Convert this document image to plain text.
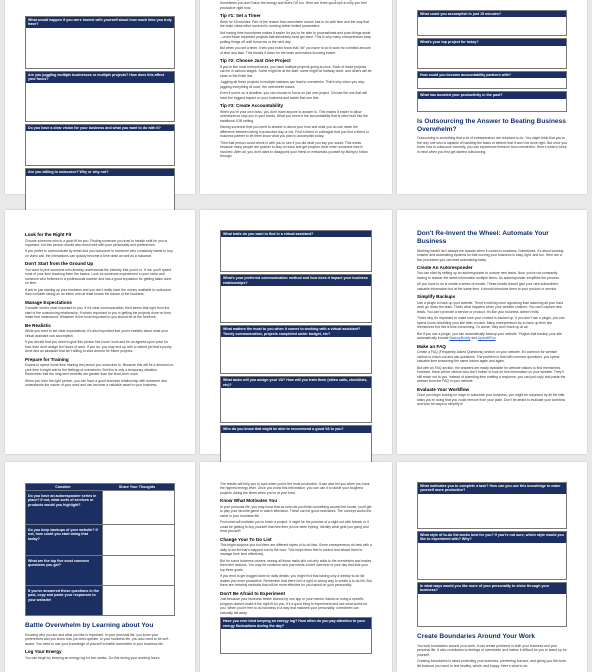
What would happen if you were honest with yourself about how much time you truly have?
Are you juggling multiple businesses or multiple projects? How does this affect your focus?
Do you have a clear vision for your business and what you want to do with it?
Are you willing to outsource? Why or why not?
Sometimes you don't have the energy and that's OK too. Here are three quick tips to help you feel productive right now.
Tip #1: Set a Timer
Work for 15 minutes. Part of the reason that overwhelm occurs has to do with time and the way that the brain views effort involved in working within limited parameters.
Not having time boundaries makes it easier for you to be able to procrastinate and push things aside—even those important projects that absolutely must get done. This is why many entrepreneurs keep putting things off until tomorrow or the next day.
But when you set a timer, it lets your brain know that "all" you have to do is work for a limited amount of time and task. This breaks it down for the brain and makes focusing easier.
Tip #2: Choose Just One Project
If you're like most entrepreneurs, you have multiple projects going at once. Each of these projects can be in various stages. Some might be at the start, some might be halfway done, and others will be close to the finish line.
Juggling all these projects in multiple statuses can lead to overwhelm. That's why when you stop juggling everything at once, the overwhelm eases.
Even if you're on a deadline, you can choose to focus on just one project. Choose the one that will have the biggest impact on your business and tackle that one first.
Tip #3: Create Accountability
When you're your own boss, you don't have anyone to answer to. This makes it easier to allow overwhelm to stop you in your tracks. What you need is the accountability that is often built into the traditional JOB setting.
Having someone that you need to answer to about your time and what you do can mean the difference between being a productive day or not. Find a friend or colleague that you find a friend or business partner to let them know what you plan to accomplish today.
Then that person could check in with you to see if you did what you say you would. This works because many people are quicker to stay on track and get projects done when someone else is involved. After all, you don't want to disappoint your friend or embarrass yourself by failing to follow through.
What could you accomplish in just 15 minutes?
What's your top project for today?
How could you become accountability partners with?
What has boosted your productivity in the past?
Is Outsourcing the Answer to Beating Business Overwhelm?
Outsourcing is something that a lot of entrepreneurs are reluctant to do. You might think that you're the only one who is capable of handling the tasks or believe that it won't be done right. But once you know how to outsource correctly, you can experience freedom from overwhelm. Here's what to keep in mind when you first get started outsourcing.
Look for the Right Fit
Choose someone who is a good fit for you. Finding someone you trust to handle stuff for you is important, but this person should also mesh well with your personality and preferences.
If you prefer to communicate by email and you outsource to someone who constantly wants to hop on video call, the interactions can quickly become a time drain as well as a nuisance.
Don't Start from the Ground Up
You want to pick someone who already understands the industry that you're in. If not, you'll spend most of your time teaching them the basics. Look for someone experienced in your niche and someone who believes in a professional manner and has a good reputation for getting tasks done on time.
If you're just starting up your business and you don't really have the money available to outsource, then consider taking on an intern who at least knows the basics of the business.
Manage Expectations
Consider what's most important to you. If it's clear communication, then stress that right from the start of the outsourcing relationship. If what's important to you is getting the projects done on time, make that understood. Whatever is the most important to you should be at the forefront.
Be Realistic
While you want to set clear expectations, it's also important that you're realistic about what your virtual assistant can accomplish.
If you decide that you need to give this person five hours' work and be an agreed-upon price for that, then don't assign ten hours of work. If you do, you may end up with a rushed job that's poorly done and an assistant that isn't willing to stick around for future projects.
Prepare for Training
Expect to spend some time training the person you outsource to. Because this will be a demand on your time it might add to the feelings of overwhelm. But this is only a temporary situation. Remember that the long-term benefits are greater than the short-term ones.
When you train the right person, you can have a good business relationship with someone who understands the nature of your work and can become a valuable asset to your business.
What traits do you want to find in a virtual assistant?
What's your preferred communication method and how does it impact your business relationships?
What matters the most to you when it comes to working with a virtual assistant? Timely communication, projects completed under budget, etc?
What tasks will you assign your VA? How will you train them (video calls, checklists, etc)?
Who do you know that might be able to recommend a good VA to you?
Don't Re-Invent the Wheel: Automate Your Business
Working harder isn't always the answer when it comes to business. Sometimes, it's about working smarter and automating systems so that running your business is easy, light, and fun. Here are a few processes you can start automating today.
Create An Autoresponder
You can start by setting up an autoresponder to nurture new leads. Now, you're not constantly having to answer the same information multiple times. An autoresponder simplifies the process.
All you have to do is create a series of emails. These emails should give your new subscribers valuable information but at the same time, it should introduce them to your product or service.
Simplify Backups
Use a plugin to back up your website. There's nothing more agonizing than watching all your hard work go down the drain. That's what happens when your website crashes. You can't capture new leads. You can't promote a service or product. It's like your business doesn't exist.
That's why it's important to make sure your content is backed up. If you don't use a plugin, you can spend hours rebuilding your site after a crash. Many entrepreneurs try to back up their site themselves but this is time-consuming. Or worse, they don't back up at all.
But if you use a plugin, you can automatically backup your website. Plugins that backup your site automatically include BackupBuddy and UpdraftPlus
Make an FAQ
Create a FAQ (Frequently Asked Questions) section on your website. It's common for website visitors to reach out and ask questions. The problem is that with common questions, you spend valuable time answering the same issues again and again.
But with an FAQ section, the answers are easily available for website visitors to find themselves. However, there will be visitors who don't bother to look for this information on your website. They'll still reach out to you. Instead of spending time crafting a response, you can just copy and paste the answer from the FAQ in your website.
Evaluate Your Workflow
Once you begin looking for ways to automate your business, you might be surprised by all the little tasks you're doing that you could remove from your plate. Don't be afraid to evaluate your workflow and look for ways to simplify it!
Consider	Share Your Thoughts
Do you have an autoresponder series in place? If not, what sorts of services or products would you highlight?
Do you keep backups of your website? If not, how could you start doing that today?
What are the top five most common questions you get?
If you've answered these questions in the past, copy and paste your responses to your website!
Battle Overwhelm by Learning about You
Knowing who you are and what you like is important. In your personal life, you know your preferences and you know how you best operate. In your business life, you also need to be self-aware. You need to use your knowledge of yourself to battle overwhelm in your business life.
Log Your Energy
You can begin by keeping an energy log for two weeks. Do this during your working hours.
The results will help you to spot when you're the most productive. It can also tell you when you have the highest energy level. Once you know this information, you can use it to tackle your toughest projects during the times when you're at your best.
Know What Motivates You
In your personal life, you may know that as soon as you finish something around the house, you'll get to play your favorite game or watch television. These can be good motivators. The concept works the same in your business life.
Find what will motivate you to finish a project. It might be the promise of a night out with friends or it could be getting to buy yourself that new item you've been eyeing. Identify what gets you going and treat yourself!
Change Your To Do List
This might surprise you but there are different styles of to-do lists. Some entrepreneurs do best with a daily to-do list that's mapped out by the hour. This helps them feel in control and allows them to manage their time effectively.
But for some business owners, seeing all those tasks laid out only adds to the overwhelm and makes them feel anxious. You may be someone who just needs a brief overview of your day that lists your top three goals.
If you tend to get bogged down in daily details, you might find that having only a weekly to-do list makes you more productive. Remember that there isn't a right or wrong way to create a to-do list. But there are certainly methods that will be more effective for you based on your personality.
Don't Be Afraid to Experiment
Just because your business bestie swears by one app or your mentor insists on using a specific program doesn't make it the right fit for you. It's a good thing to experiment and see what works for you. When you're free to do business in a way that matches your personality, overwhelm can naturally fall away.
Have you ever tried keeping an energy log? How often do you pay attention to your energy fluctuations during the day?
What motivates you to complete a task? How can you use this knowledge to make yourself more productive?
What style of to-do list works best for you? If you're not sure, which style would you like to experiment with? Why?
In what ways would you like more of your personality to shine through your business?
Create Boundaries Around Your Work
You took boundaries around your work, it can create problems in both your business and your personal life. It also contributes to feelings of overwhelm and makes it difficult for you to stand up for yourself.
Creating boundaries is about protecting your business, preventing burnout, and giving you the work-life balance you need to feel healthy, whole, and happy. Here's what to do.
